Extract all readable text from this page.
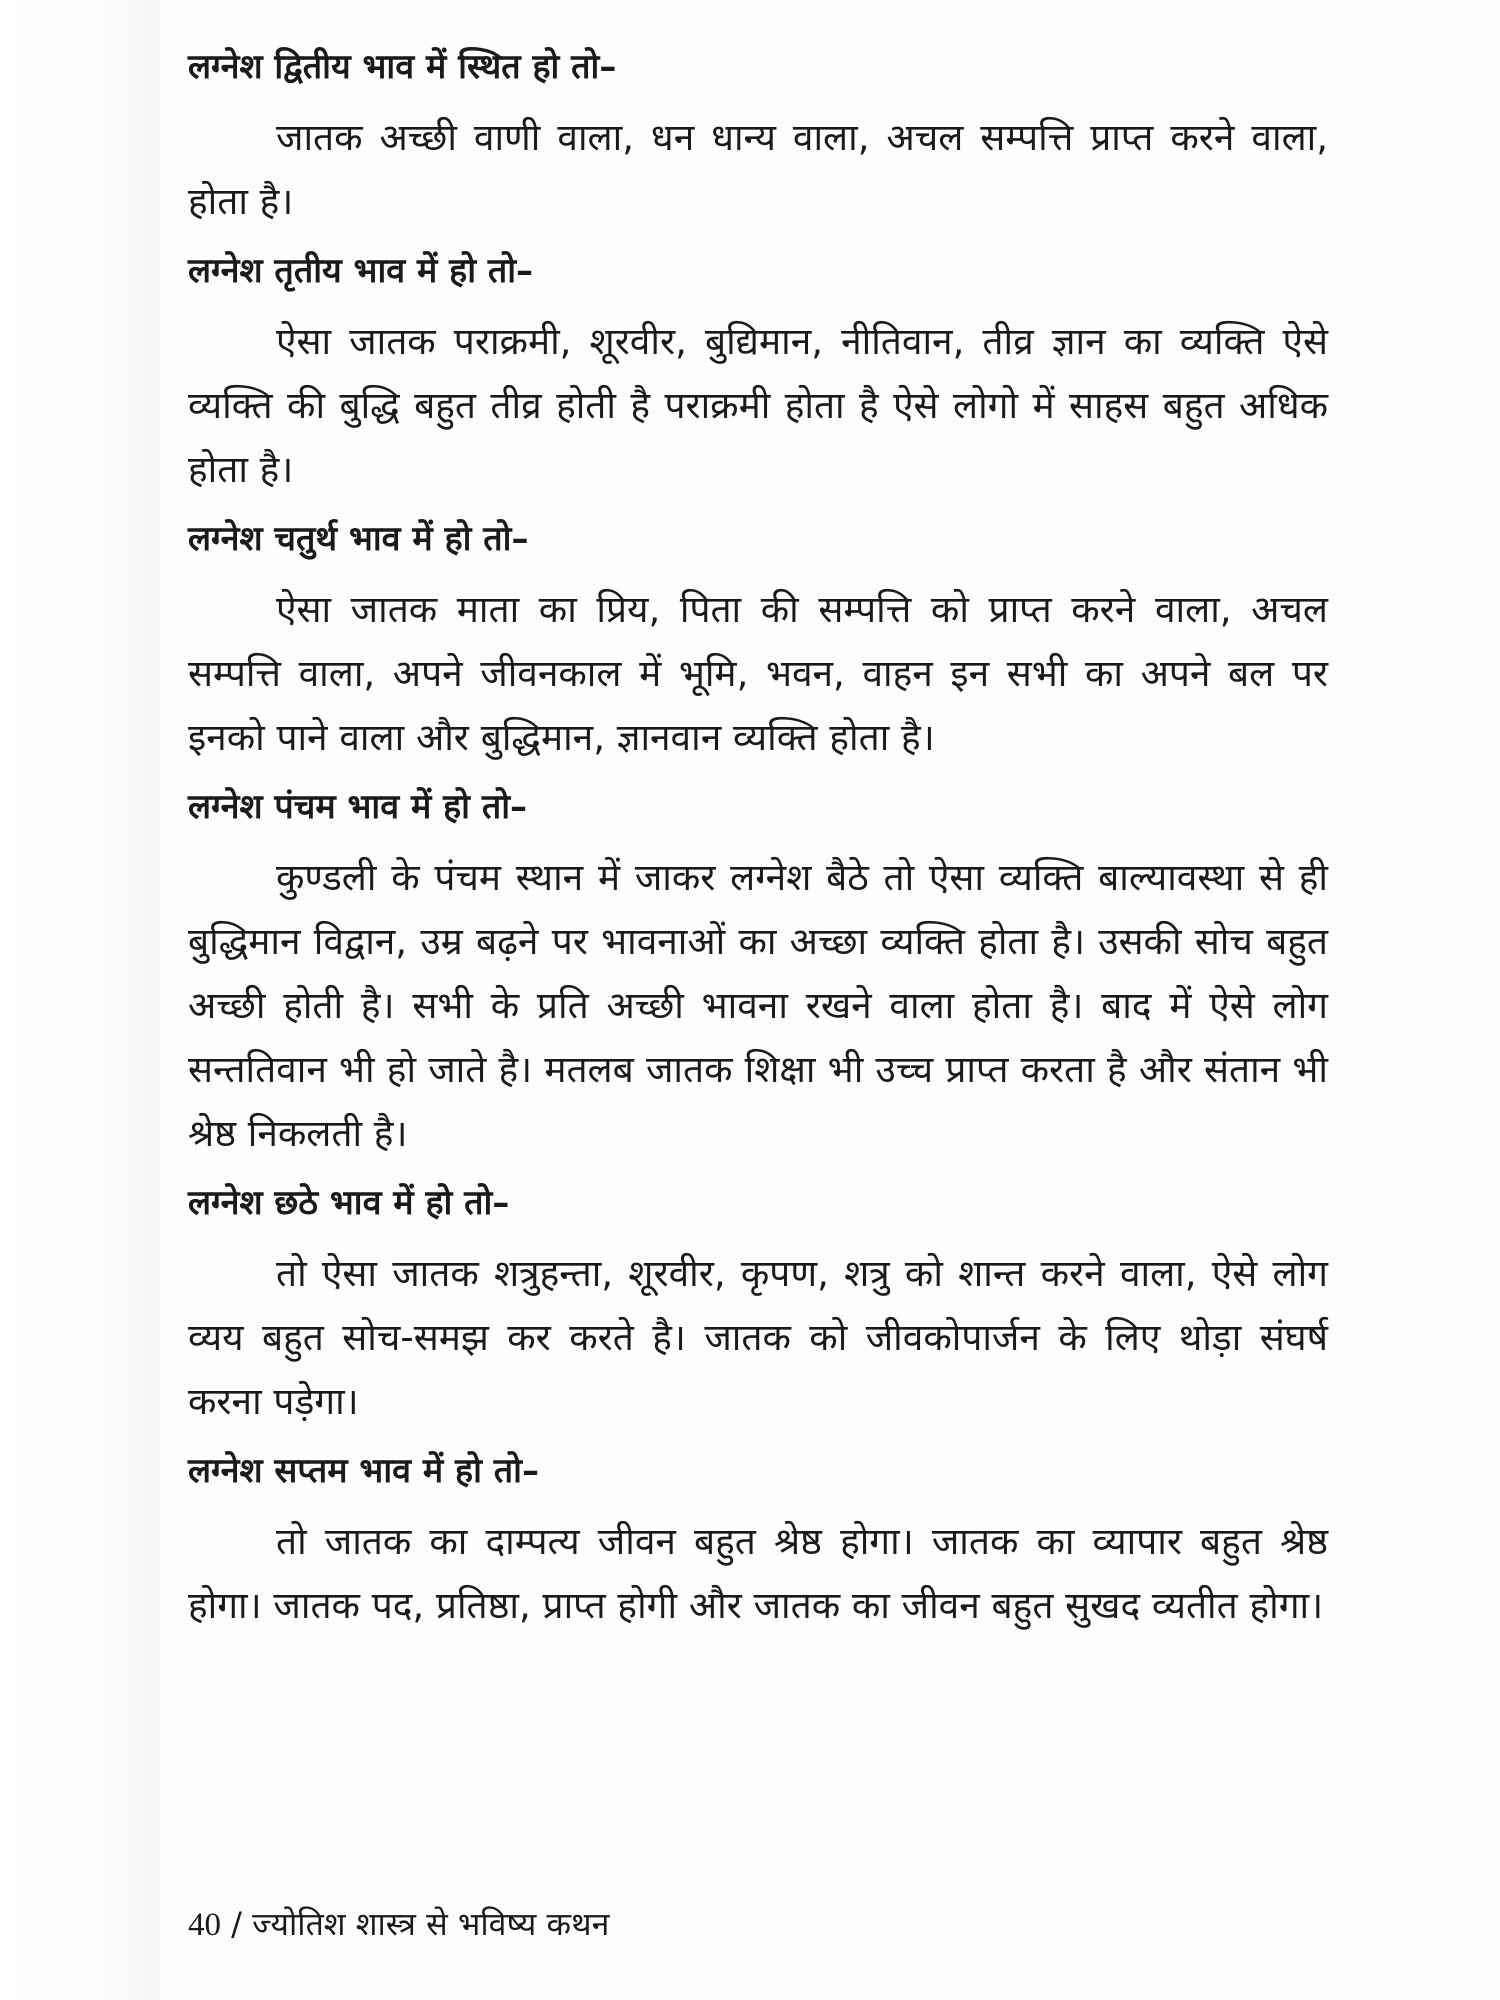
लग्नेश द्वितीय भाव में स्थित हो तो–

जातक अच्छी वाणी वाला, धन धान्य वाला, अचल सम्पत्ति प्राप्त करने वाला, होता है।

लग्नेश तृतीय भाव में हो तो–

ऐसा जातक पराक्रमी, शूरवीर, बुद्यिमान, नीतिवान, तीव्र ज्ञान का व्यक्ति ऐसे व्यक्ति की बुद्धि बहुत तीव्र होती है पराक्रमी होता है ऐसे लोगो में साहस बहुत अधिक होता है।

लग्नेश चतुर्थ भाव में हो तो–

ऐसा जातक माता का प्रिय, पिता की सम्पत्ति को प्राप्त करने वाला, अचल सम्पत्ति वाला, अपने जीवनकाल में भूमि, भवन, वाहन इन सभी का अपने बल पर इनको पाने वाला और बुद्धिमान, ज्ञानवान व्यक्ति होता है।

लग्नेश पंचम भाव में हो तो–

कुण्डली के पंचम स्थान में जाकर लग्नेश बैठे तो ऐसा व्यक्ति बाल्यावस्था से ही बुद्धिमान विद्वान, उम्र बढ़ने पर भावनाओं का अच्छा व्यक्ति होता है। उसकी सोच बहुत अच्छी होती है। सभी के प्रति अच्छी भावना रखने वाला होता है। बाद में ऐसे लोग सन्ततिवान भी हो जाते है। मतलब जातक शिक्षा भी उच्च प्राप्त करता है और संतान भी श्रेष्ठ निकलती है।

लग्नेश छठे भाव में हो तो–

तो ऐसा जातक शत्रुहन्ता, शूरवीर, कृपण, शत्रु को शान्त करने वाला, ऐसे लोग व्यय बहुत सोच-समझ कर करते है। जातक को जीवकोपार्जन के लिए थोड़ा संघर्ष करना पड़ेगा।

लग्नेश सप्तम भाव में हो तो–

तो जातक का दाम्पत्य जीवन बहुत श्रेष्ठ होगा। जातक का व्यापार बहुत श्रेष्ठ होगा। जातक पद, प्रतिष्ठा, प्राप्त होगी और जातक का जीवन बहुत सुखद व्यतीत होगा।

40 / ज्योतिश शास्त्र से भविष्य कथन
